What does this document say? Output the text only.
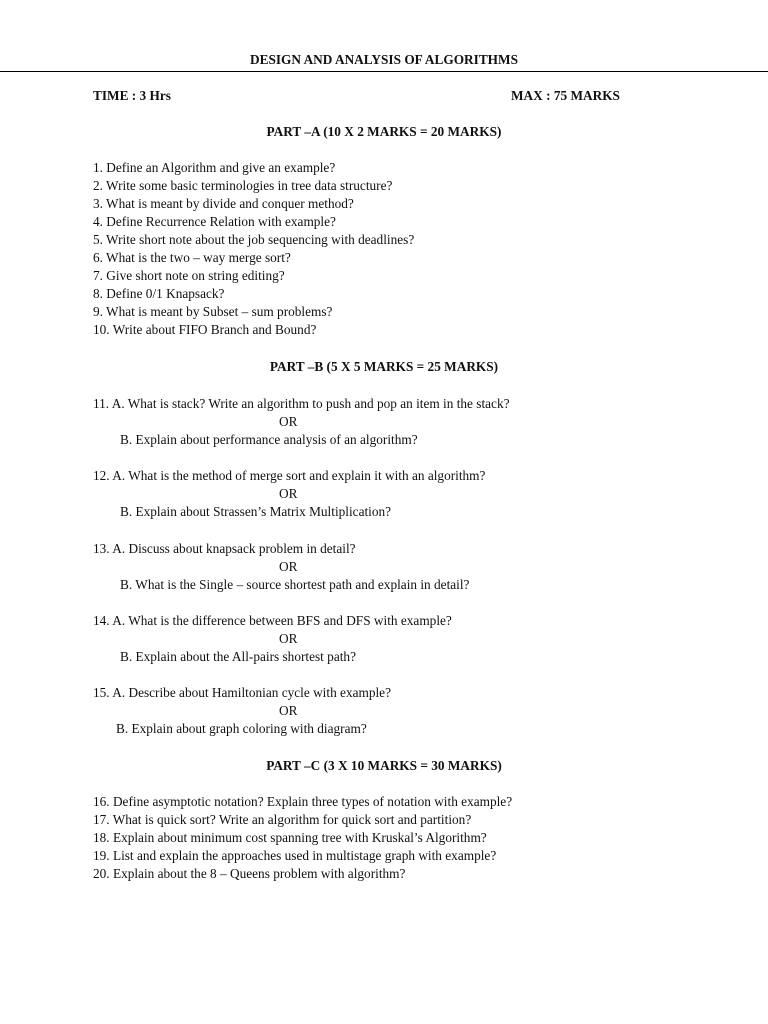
DESIGN AND ANALYSIS OF ALGORITHMS
TIME : 3 Hrs	MAX : 75 MARKS
PART –A (10 X 2 MARKS = 20 MARKS)
1. Define an Algorithm and give an example?
2. Write some basic terminologies in tree data structure?
3. What is meant by divide and conquer method?
4. Define Recurrence Relation with example?
5. Write short note about the job sequencing with deadlines?
6. What is the two – way merge sort?
7. Give short note on string editing?
8. Define 0/1 Knapsack?
9. What is meant by Subset – sum problems?
10. Write about FIFO Branch and Bound?
PART –B (5 X 5 MARKS = 25 MARKS)
11. A. What is stack? Write an algorithm to push and pop an item in the stack?
OR
B. Explain about performance analysis of an algorithm?
12. A. What is the method of merge sort and explain it with an algorithm?
OR
B. Explain about Strassen’s Matrix Multiplication?
13. A. Discuss about knapsack problem in detail?
OR
B. What is the Single – source shortest path and explain in detail?
14. A. What is the difference between BFS and DFS with example?
OR
B. Explain about the All-pairs shortest path?
15. A. Describe about Hamiltonian cycle with example?
OR
B. Explain about graph coloring with diagram?
PART –C (3 X 10 MARKS = 30 MARKS)
16. Define asymptotic notation? Explain three types of notation with example?
17. What is quick sort? Write an algorithm for quick sort and partition?
18. Explain about minimum cost spanning tree with Kruskal’s Algorithm?
19. List and explain the approaches used in multistage graph with example?
20. Explain about the 8 – Queens problem with algorithm?
